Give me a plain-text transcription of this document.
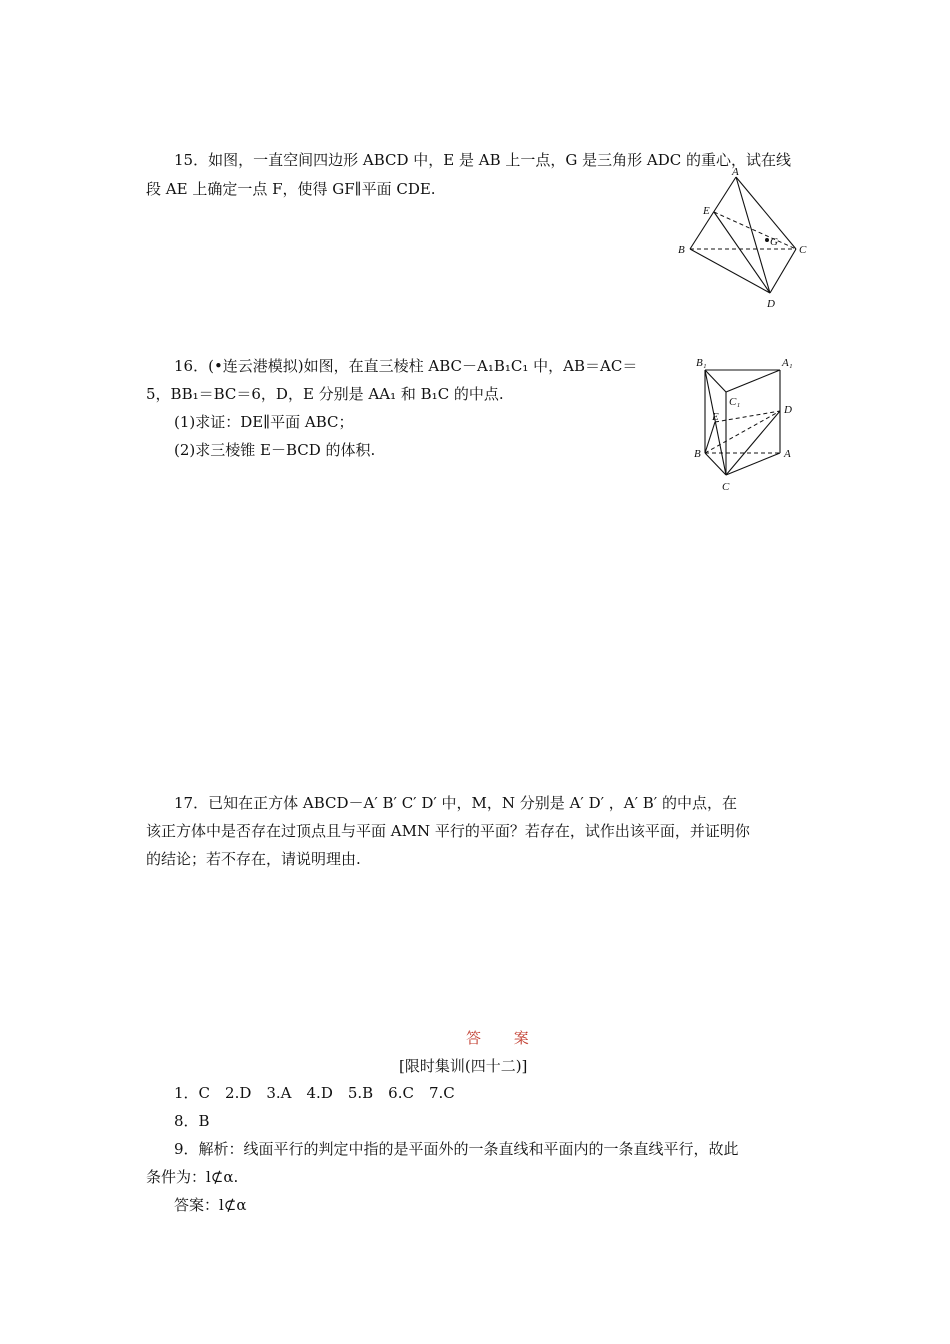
15．如图，一直空间四边形 ABCD 中，E 是 AB 上一点，G 是三角形 ADC 的重心，试在线
段 AE 上确定一点 F，使得 GF∥平面 CDE.
A
E
B
G
C
D
16．(•连云港模拟)如图，在直三棱柱 ABC－A₁B₁C₁ 中，AB＝AC＝
5，BB₁＝BC＝6，D，E 分别是 AA₁ 和 B₁C 的中点.
(1)求证：DE∥平面 ABC；
(2)求三棱锥 E－BCD 的体积.
B₁	A₁
C₁
E
D
B	A
C
17．已知在正方体 ABCD－A′ B′ C′ D′ 中，M，N 分别是 A′ D′ ，A′ B′ 的中点，在
该正方体中是否存在过顶点且与平面 AMN 平行的平面？若存在，试作出该平面，并证明你
的结论；若不存在，请说明理由.
答 案
[限时集训(四十二)]
1．C　2.D　3.A　4.D　5.B　6.C　7.C
8．B
9．解析：线面平行的判定中指的是平面外的一条直线和平面内的一条直线平行，故此
条件为：l⊄α.
答案：l⊄α
